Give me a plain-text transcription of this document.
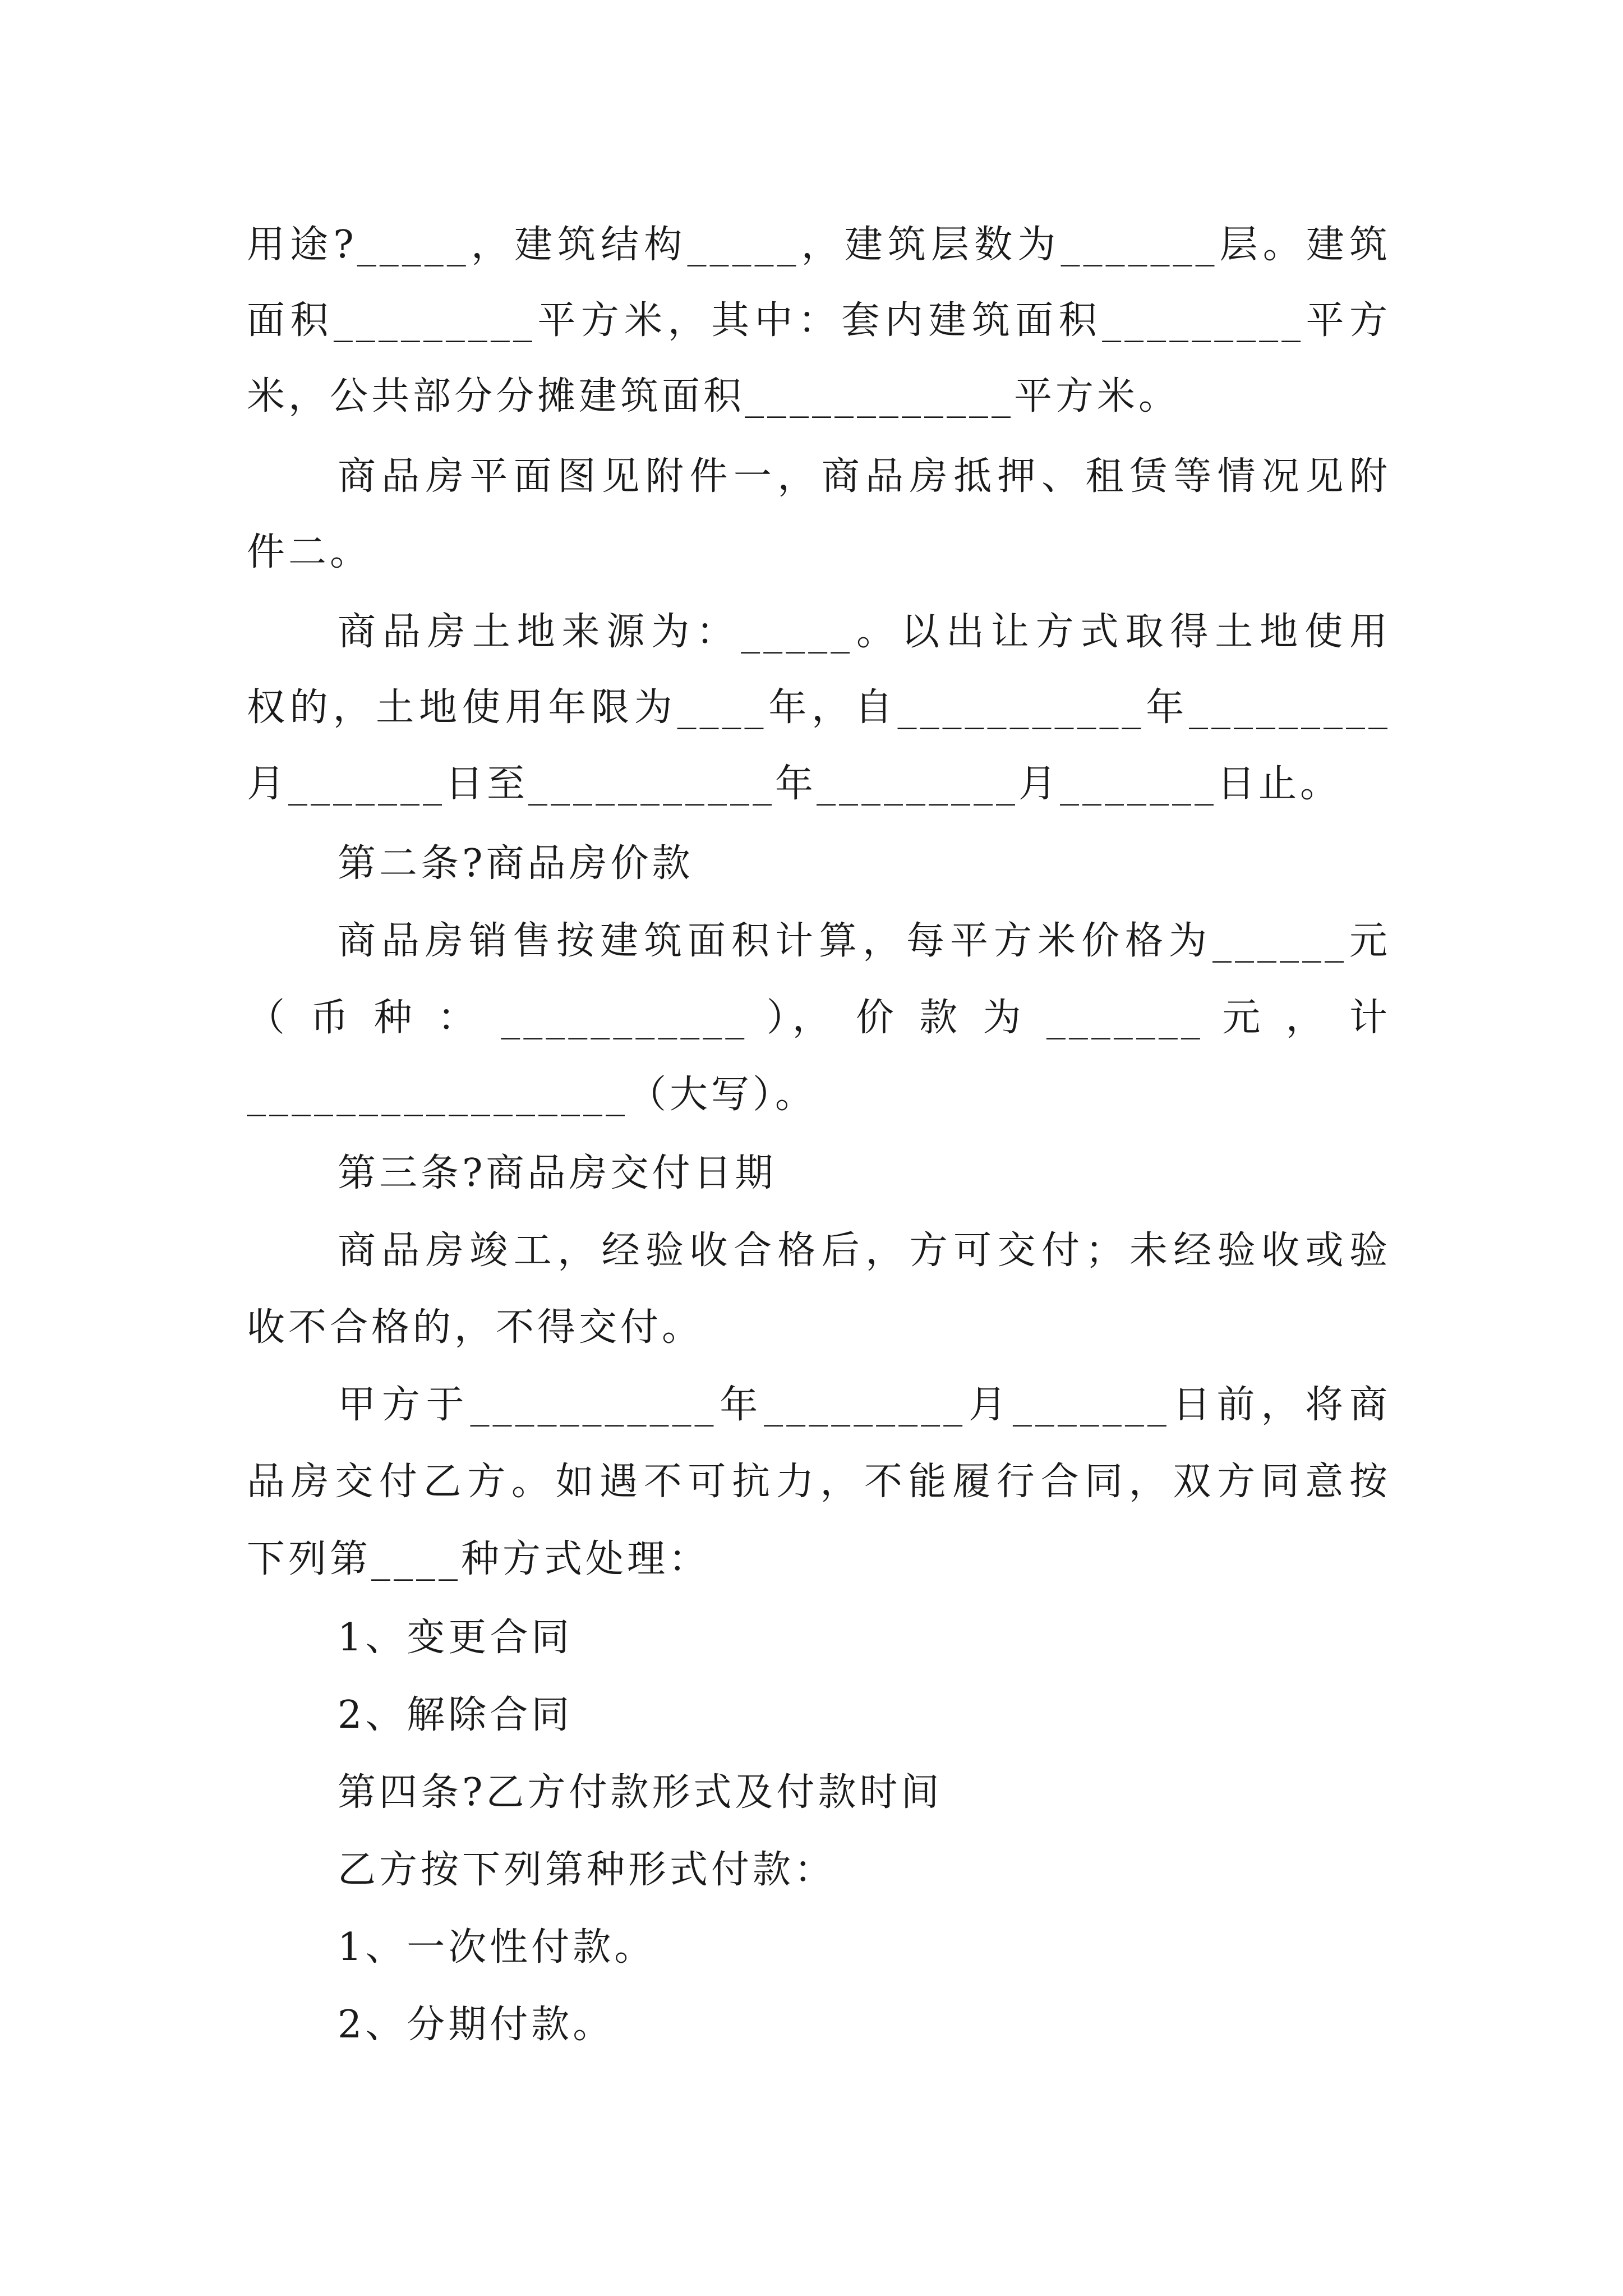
用途?_____，建筑结构_____，建筑层数为_______层。建筑
面积_________平方米，其中：套内建筑面积_________平方
米，公共部分分摊建筑面积____________平方米。
商品房平面图见附件一，商品房抵押、租赁等情况见附
件二。
商品房土地来源为：_____。以出让方式取得土地使用
权的，土地使用年限为____年，自___________年_________
月_______日至___________年_________月_______日止。
第二条?商品房价款
商品房销售按建筑面积计算，每平方米价格为______元
（ 币 种 ： ___________ ）， 价 款 为 _______ 元 ， 计
_________________（大写）。
第三条?商品房交付日期
商品房竣工，经验收合格后，方可交付；未经验收或验
收不合格的，不得交付。
甲方于___________年_________月_______日前，将商
品房交付乙方。如遇不可抗力，不能履行合同，双方同意按
下列第____种方式处理：
1、变更合同
2、解除合同
第四条?乙方付款形式及付款时间
乙方按下列第种形式付款：
1、一次性付款。
2、分期付款。
